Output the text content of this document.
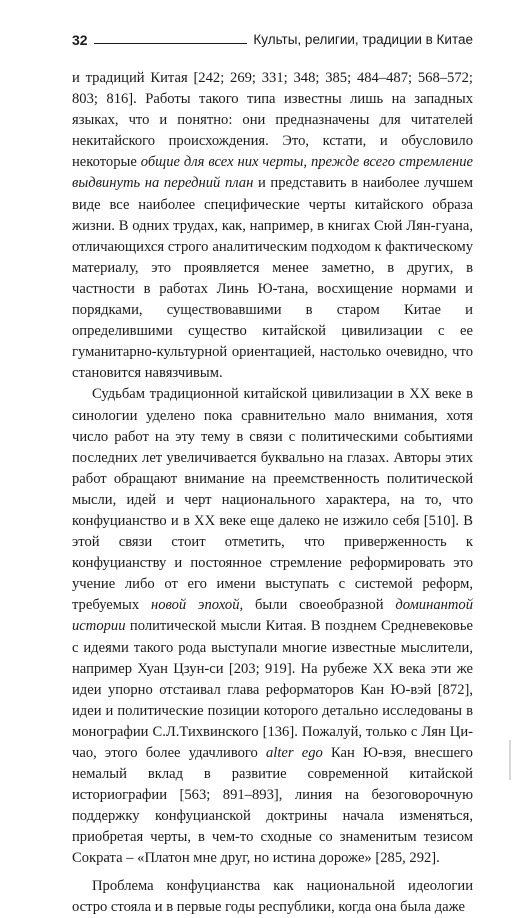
32	Культы, религии, традиции в Китае

и традиций Китая [242; 269; 331; 348; 385; 484–487; 568–572; 803; 816]. Работы такого типа известны лишь на западных языках, что и понятно: они предназначены для читателей некитайского происхождения. Это, кстати, и обусловило некоторые общие для всех них черты, прежде всего стремление выдвинуть на передний план и представить в наиболее лучшем виде все наиболее специфические черты китайского образа жизни. В одних трудах, как, например, в книгах Сюй Лян-гуана, отличающихся строго аналитическим подходом к фактическому материалу, это проявляется менее заметно, в других, в частности в работах Линь Ю-тана, восхищение нормами и порядками, существовавшими в старом Китае и определившими существо китайской цивилизации с ее гуманитарно-культурной ориентацией, настолько очевидно, что становится навязчивым.

Судьбам традиционной китайской цивилизации в XX веке в синологии уделено пока сравнительно мало внимания, хотя число работ на эту тему в связи с политическими событиями последних лет увеличивается буквально на глазах. Авторы этих работ обращают внимание на преемственность политической мысли, идей и черт национального характера, на то, что конфуцианство и в XX веке еще далеко не изжило себя [510]. В этой связи стоит отметить, что приверженность к конфуцианству и постоянное стремление реформировать это учение либо от его имени выступать с системой реформ, требуемых новой эпохой, были своеобразной доминантой истории политической мысли Китая. В позднем Средневековье с идеями такого рода выступали многие известные мыслители, например Хуан Цзун-си [203; 919]. На рубеже XX века эти же идеи упорно отстаивал глава реформаторов Кан Ю-вэй [872], идеи и политические позиции которого детально исследованы в монографии С.Л.Тихвинского [136]. Пожалуй, только с Лян Ци-чао, этого более удачливого alter ego Кан Ю-вэя, внесшего немалый вклад в развитие современной китайской историографии [563; 891–893], линия на безоговорочную поддержку конфуцианской доктрины начала изменяться, приобретая черты, в чем-то сходные со знаменитым тезисом Сократа – «Платон мне друг, но истина дороже» [285, 292].

Проблема конфуцианства как национальной идеологии остро стояла и в первые годы республики, когда она была даже
